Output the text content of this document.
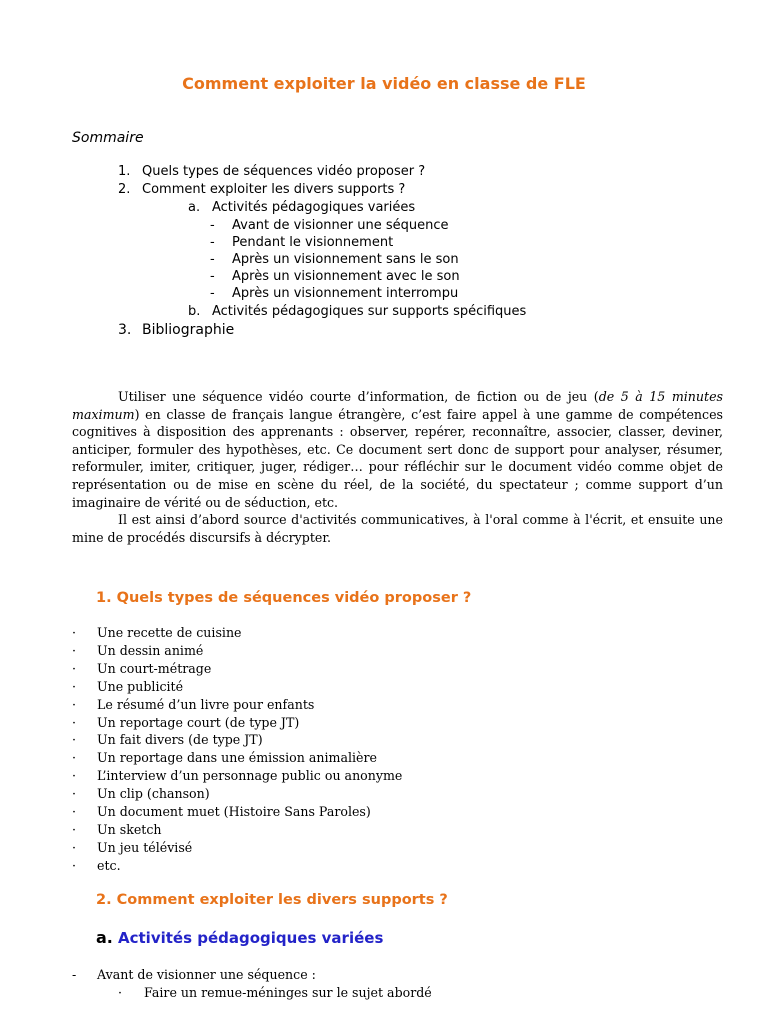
Comment exploiter la vidéo en classe de FLE

Sommaire

1. Quels types de séquences vidéo proposer ?
2. Comment exploiter les divers supports ?
a. Activités pédagogiques variées
- Avant de visionner une séquence
- Pendant le visionnement
- Après un visionnement sans le son
- Après un visionnement avec le son
- Après un visionnement interrompu
b. Activités pédagogiques sur supports spécifiques
3. Bibliographie

Utiliser une séquence vidéo courte d’information, de fiction ou de jeu (de 5 à 15 minutes maximum) en classe de français langue étrangère, c’est faire appel à une gamme de compétences cognitives à disposition des apprenants : observer, repérer, reconnaître, associer, classer, deviner, anticiper, formuler des hypothèses, etc. Ce document sert donc de support pour analyser, résumer, reformuler, imiter, critiquer, juger, rédiger… pour réfléchir sur le document vidéo comme objet de représentation ou de mise en scène du réel, de la société, du spectateur ; comme support d’un imaginaire de vérité ou de séduction, etc.

Il est ainsi d’abord source d'activités communicatives, à l'oral comme à l'écrit, et ensuite une mine de procédés discursifs à décrypter.

1. Quels types de séquences vidéo proposer ?
· Une recette de cuisine
· Un dessin animé
· Un court-métrage
· Une publicité
· Le résumé d’un livre pour enfants
· Un reportage court (de type JT)
· Un fait divers (de type JT)
· Un reportage dans une émission animalière
· L’interview d’un personnage public ou anonyme
· Un clip (chanson)
· Un document muet (Histoire Sans Paroles)
· Un sketch
· Un jeu télévisé
· etc.
2. Comment exploiter les divers supports ?
a. Activités pédagogiques variées
- Avant de visionner une séquence :
· Faire un remue-méninges sur le sujet abordé
